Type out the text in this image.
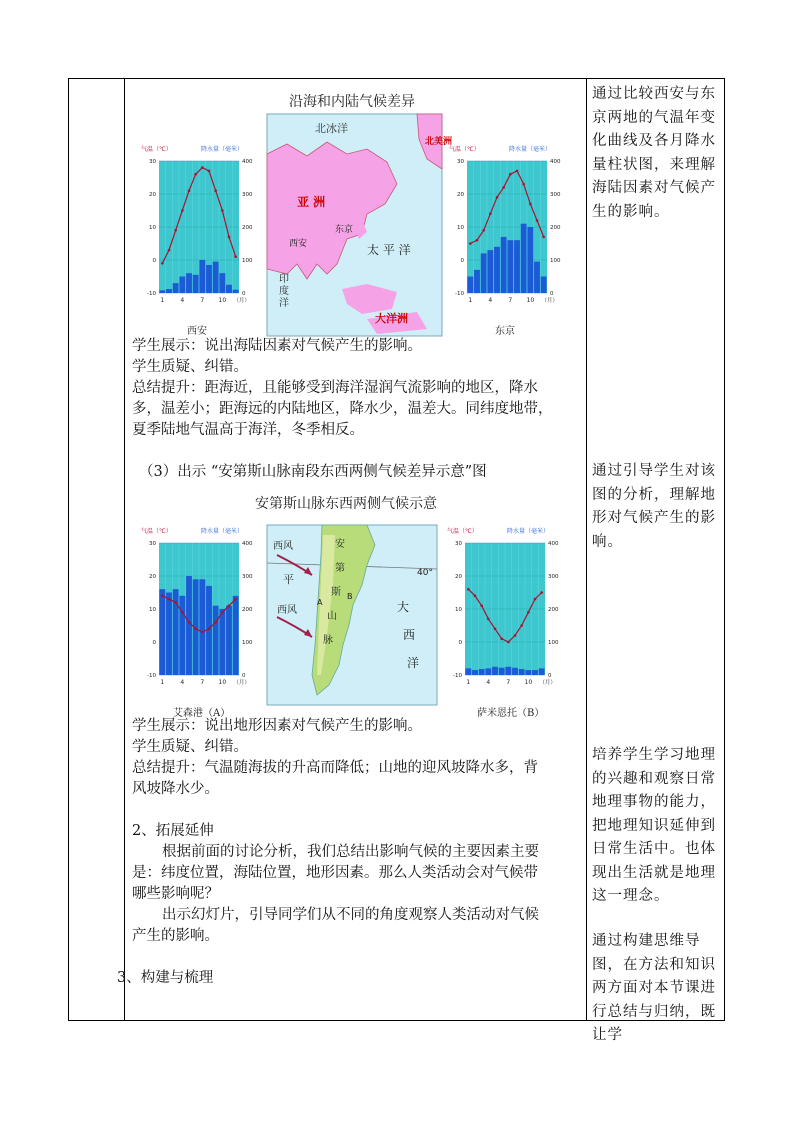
沿海和内陆气候差异
气温（℃）	降水量（毫米）
30
20
10
0
-10
400
300
200
100
0
1	4	7 10 （月）
西安
北冰洋
北美洲
亚 洲
西安
东京
太 平 洋
印
度
洋
大洋洲
气温（℃）	降水量（毫米）
30
20
10
0
-10
400
300
200
100
0
1	4	7 10 （月）
东京
学生展示：说出海陆因素对气候产生的影响。
学生质疑、纠错。
总结提升：距海近，且能够受到海洋湿润气流影响的地区，降水
多，温差小；距海远的内陆地区，降水少，温差大。同纬度地带，
夏季陆地气温高于海洋，冬季相反。
（3）出示 “安第斯山脉南段东西两侧气候差异示意”图
安第斯山脉东西两侧气候示意
气温（℃）	降水量（毫米）
30
20
10
0
-10
400
300
200
100
0
1	4	7 10 （月）
艾森港（A）
西风
西风
平
安
第
斯
山
脉
A
B
40°
大
西
洋
气温（℃）	降水量（毫米）
30
20
10
0
-10
400
300
200
100
0
1	4	7 10 （月）
萨米恩托（B）
学生展示：说出地形因素对气候产生的影响。
学生质疑、纠错。
总结提升：气温随海拔的升高而降低；山地的迎风坡降水多，背
风坡降水少。
2、拓展延伸
根据前面的讨论分析，我们总结出影响气候的主要因素主要
是：纬度位置，海陆位置，地形因素。那么人类活动会对气候带
哪些影响呢？
出示幻灯片，引导同学们从不同的角度观察人类活动对气候
产生的影响。
3、构建与梳理
通过比较西安与东京两地的气温年变化曲线及各月降水量柱状图，来理解海陆因素对气候产生的影响。
通过引导学生对该图的分析，理解地形对气候产生的影响。
培养学生学习地理的兴趣和观察日常地理事物的能力，把地理知识延伸到日常生活中。也体现出生活就是地理这一理念。
通过构建思维导图，在方法和知识两方面对本节课进行总结与归纳，既让学
